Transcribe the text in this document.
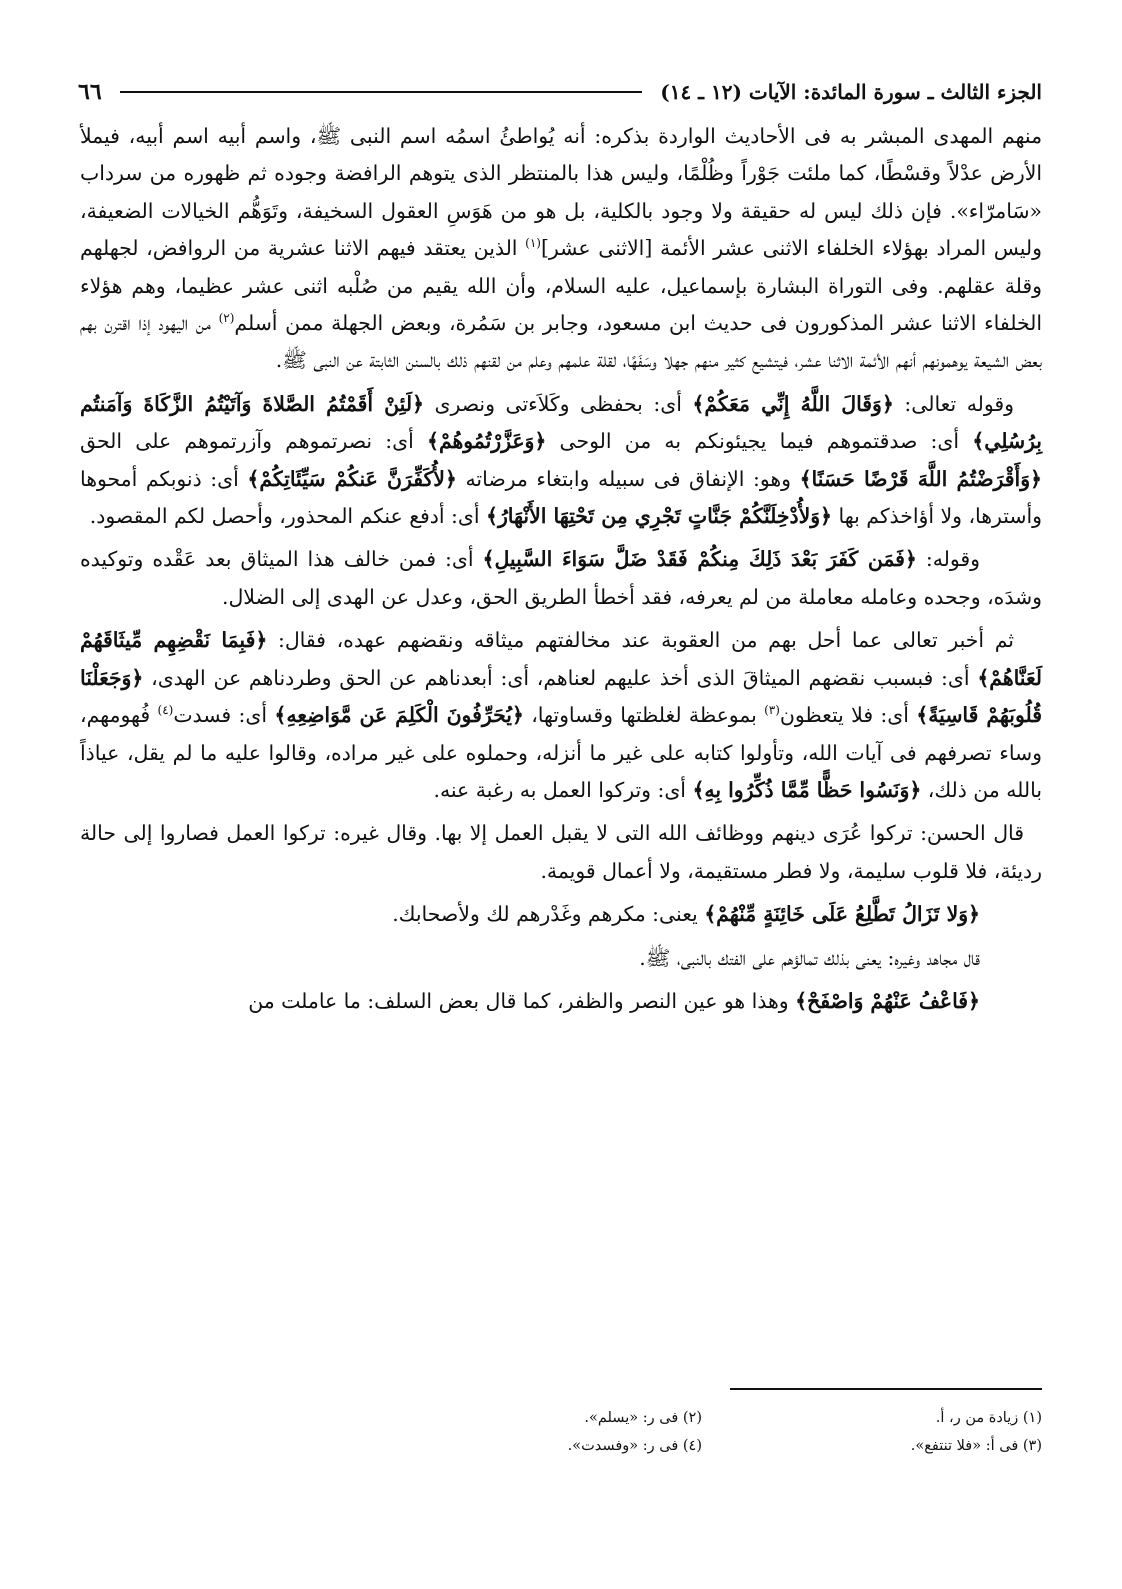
الجزء الثالث ـ سورة المائدة: الآيات (١٢ ـ ١٤)
٦٦

منهم المهدى المبشر به فى الأحاديث الواردة بذكره: أنه يُواطئُ اسمُه اسم النبى ﷺ، واسم أبيه اسم أبيه، فيملأ الأرض عدْلاً وقسْطًا، كما ملئت جَوْراً وظُلْمًا، وليس هذا بالمنتظر الذى يتوهم الرافضة وجوده ثم ظهوره من سرداب «سَامرّاء». فإن ذلك ليس له حقيقة ولا وجود بالكلية، بل هو من هَوَسِ العقول السخيفة، وتَوَهُّم الخيالات الضعيفة، وليس المراد بهؤلاء الخلفاء الاثنى عشر الأئمة [الاثنى عشر]$^{(١)}$ الذين يعتقد فيهم الاثنا عشرية من الروافض، لجهلهم وقلة عقلهم. وفى التوراة البشارة بإسماعيل، عليه السلام، وأن الله يقيم من صُلْبه اثنى عشر عظيما، وهم هؤلاء الخلفاء الاثنا عشر المذكورون فى حديث ابن مسعود، وجابر بن سَمُرة، وبعض الجهلة ممن أسلم$^{(٢)}$ من اليهود إذا اقترن بهم بعض الشيعة يوهمونهم أنهم الأئمة الاثنا عشر، فيتشيع كثير منهم جهلا وسَفَهًا، لقلة علمهم وعلم من لقنهم ذلك بالسنن الثابتة عن النبى ﷺ.

وقوله تعالى: ﴿وَقَالَ اللَّهُ إِنِّي مَعَكُمْ﴾ أى: بحفظى وكَلاَءتى ونصرى ﴿لَئِنْ أَقَمْتُمُ الصَّلاةَ وَآتَيْتُمُ الزَّكَاةَ وَآمَنتُم بِرُسُلِي﴾ أى: صدقتموهم فيما يجيئونكم به من الوحى ﴿وَعَزَّرْتُمُوهُمْ﴾ أى: نصرتموهم وآزرتموهم على الحق ﴿وَأَقْرَضْتُمُ اللَّهَ قَرْضًا حَسَنًا﴾ وهو: الإنفاق فى سبيله وابتغاء مرضاته ﴿لأُكَفِّرَنَّ عَنكُمْ سَيِّئَاتِكُمْ﴾ أى: ذنوبكم أمحوها وأسترها، ولا أؤاخذكم بها ﴿وَلأُدْخِلَنَّكُمْ جَنَّاتٍ تَجْرِي مِن تَحْتِهَا الأَنْهَارُ﴾ أى: أدفع عنكم المحذور، وأحصل لكم المقصود.

وقوله: ﴿فَمَن كَفَرَ بَعْدَ ذَلِكَ مِنكُمْ فَقَدْ ضَلَّ سَوَاءَ السَّبِيلِ﴾ أى: فمن خالف هذا الميثاق بعد عَقْده وتوكيده وشدَه، وجحده وعامله معاملة من لم يعرفه، فقد أخطأ الطريق الحق، وعدل عن الهدى إلى الضلال.

ثم أخبر تعالى عما أحل بهم من العقوبة عند مخالفتهم ميثاقه ونقضهم عهده، فقال: ﴿فَبِمَا نَقْضِهِم مِّيثَاقَهُمْ لَعَنَّاهُمْ﴾ أى: فبسبب نقضهم الميثاقَ الذى أخذ عليهم لعناهم، أى: أبعدناهم عن الحق وطردناهم عن الهدى، ﴿وَجَعَلْنَا قُلُوبَهُمْ قَاسِيَةً﴾ أى: فلا يتعظون$^{(٣)}$ بموعظة لغلظتها وقساوتها، ﴿يُحَرِّفُونَ الْكَلِمَ عَن مَّوَاضِعِهِ﴾ أى: فسدت$^{(٤)}$ فُهومهم، وساء تصرفهم فى آيات الله، وتأولوا كتابه على غير ما أنزله، وحملوه على غير مراده، وقالوا عليه ما لم يقل، عياذاً بالله من ذلك، ﴿وَنَسُوا حَظًّا مِّمَّا ذُكِّرُوا بِهِ﴾ أى: وتركوا العمل به رغبة عنه.

قال الحسن: تركوا عُرَى دينهم ووظائف الله التى لا يقبل العمل إلا بها. وقال غيره: تركوا العمل فصاروا إلى حالة رديئة، فلا قلوب سليمة، ولا فطر مستقيمة، ولا أعمال قويمة.

﴿وَلا تَزَالُ تَطَّلِعُ عَلَى خَائِنَةٍ مِّنْهُمْ﴾ يعنى: مكرهم وغَدْرهم لك ولأصحابك.

قال مجاهد وغيره: يعنى بذلك تمالؤهم على الفتك بالنبى، ﷺ.

﴿فَاعْفُ عَنْهُمْ وَاصْفَحْ﴾ وهذا هو عين النصر والظفر، كما قال بعض السلف: ما عاملت من

(١) زيادة من ر، أ.
(٢) فى ر: «يسلم».
(٣) فى أ: «فلا تنتفع».
(٤) فى ر: «وفسدت».
